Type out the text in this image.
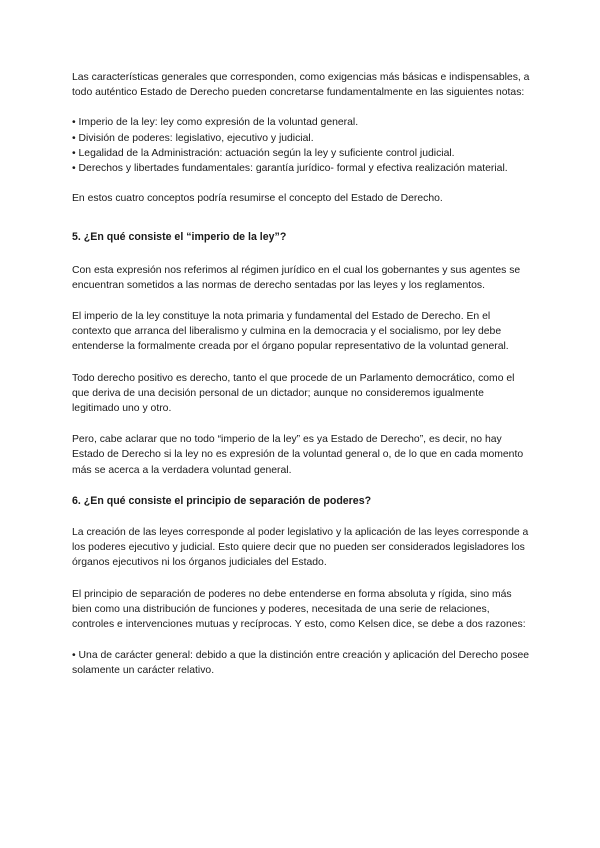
Las características generales que corresponden, como exigencias más básicas e indispensables, a todo auténtico Estado de Derecho pueden concretarse fundamentalmente en las siguientes notas:

• Imperio de la ley: ley como expresión de la voluntad general.
• División de poderes: legislativo, ejecutivo y judicial.
• Legalidad de la Administración: actuación según la ley y suficiente control judicial.
• Derechos y libertades fundamentales: garantía jurídico- formal y efectiva realización material.

En estos cuatro conceptos podría resumirse el concepto del Estado de Derecho.

5. ¿En qué consiste el “imperio de la ley”?

Con esta expresión nos referimos al régimen jurídico en el cual los gobernantes y sus agentes se encuentran sometidos a las normas de derecho sentadas por las leyes y los reglamentos.

El imperio de la ley constituye la nota primaria y fundamental del Estado de Derecho. En el contexto que arranca del liberalismo y culmina en la democracia y el socialismo, por ley debe entenderse la formalmente creada por el órgano popular representativo de la voluntad general.

Todo derecho positivo es derecho, tanto el que procede de un Parlamento democrático, como el que deriva de una decisión personal de un dictador; aunque no consideremos igualmente legitimado uno y otro.

Pero, cabe aclarar que no todo “imperio de la ley” es ya Estado de Derecho”, es decir, no hay Estado de Derecho si la ley no es expresión de la voluntad general o, de lo que en cada momento más se acerca a la verdadera voluntad general.

6. ¿En qué consiste el principio de separación de poderes?

La creación de las leyes corresponde al poder legislativo y la aplicación de las leyes corresponde a los poderes ejecutivo y judicial. Esto quiere decir que no pueden ser considerados legisladores los órganos ejecutivos ni los órganos judiciales del Estado.

El principio de separación de poderes no debe entenderse en forma absoluta y rígida, sino más bien como una distribución de funciones y poderes, necesitada de una serie de relaciones, controles e intervenciones mutuas y recíprocas. Y esto, como Kelsen dice, se debe a dos razones:

• Una de carácter general: debido a que la distinción entre creación y aplicación del Derecho posee solamente un carácter relativo.
